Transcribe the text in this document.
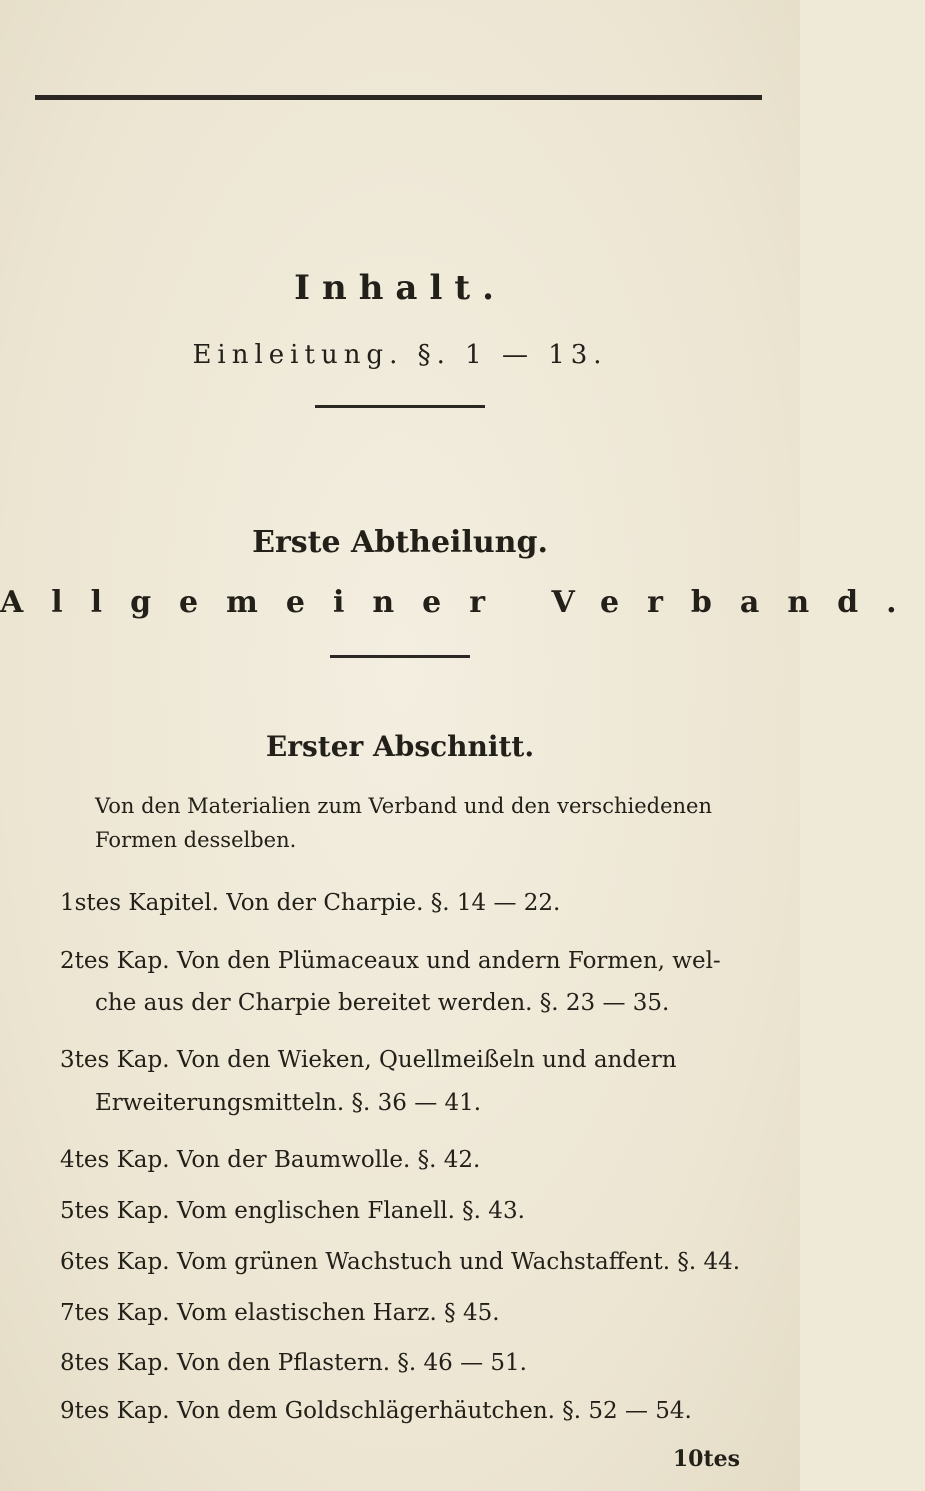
Inhalt.
Einleitung. §. 1 — 13.
Erste Abtheilung.
Allgemeiner Verband.
Erster Abschnitt.
Von den Materialien zum Verband und den verschiedenen
Formen desselben.
1stes Kapitel. Von der Charpie. §. 14 — 22.
2tes Kap. Von den Plümaceaux und andern Formen, wel-
che aus der Charpie bereitet werden. §. 23 — 35.
3tes Kap. Von den Wieken, Quellmeißeln und andern
Erweiterungsmitteln. §. 36 — 41.
4tes Kap. Von der Baumwolle. §. 42.
5tes Kap. Vom englischen Flanell. §. 43.
6tes Kap. Vom grünen Wachstuch und Wachstaffent. §. 44.
7tes Kap. Vom elastischen Harz. § 45.
8tes Kap. Von den Pflastern. §. 46 — 51.
9tes Kap. Von dem Goldschlägerhäutchen. §. 52 — 54.
10tes
